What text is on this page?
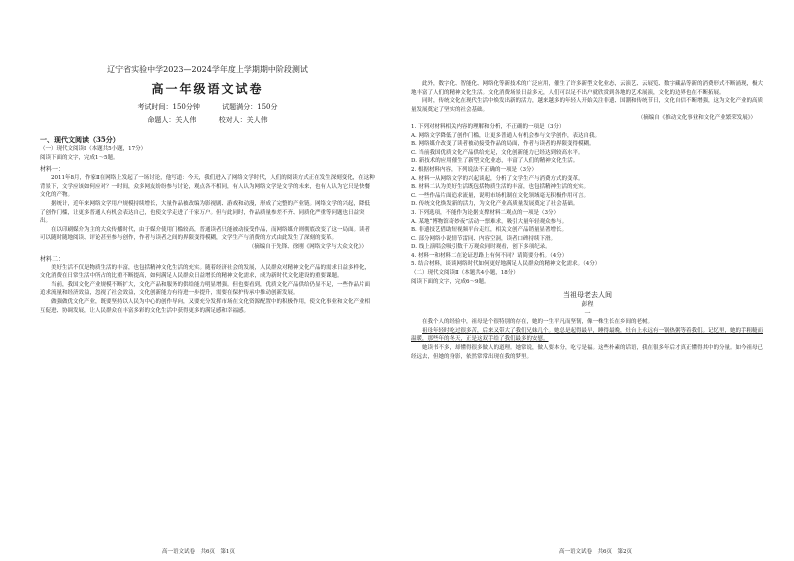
辽宁省实验中学2023—2024学年度上学期期中阶段测试
高一年级语文试卷
考试时间：150分钟	试题满分：150分
命题人：关人伟	校对人：关人伟
一、现代文阅读（35分）
（一）现代文阅读Ⅰ（本题共5小题，17分）
阅读下面的文字，完成1～5题。
材料一：

2011年8月，作家Ⅱ在网络上发起了一场讨论，他写道：今天，我们进入了网络文学时代，人们的阅读方式正在发生深刻变化，在这种背景下，文学应该如何应对？一时间，众多网友纷纷参与讨论，观点各不相同，有人认为网络文学是文学的未来，也有人认为它只是快餐文化的产物。

据统计，近年来网络文学用户规模持续增长，大量作品被改编为影视剧、游戏和动漫，形成了完整的产业链。网络文学的兴起，降低了创作门槛，让更多普通人有机会表达自己，也使文学走进了千家万户。但与此同时，作品质量参差不齐、同质化严重等问题也日益突出。

在以印刷媒介为主的大众传播时代，由于媒介使用门槛较高，普通读者只能被动接受作品，而网络媒介则彻底改变了这一局面。读者可以随时随地阅读、评论甚至参与创作，作者与读者之间的界限变得模糊，文学生产与消费的方式由此发生了深刻的变革。

（摘编自于先锋、徐刚《网络文学与大众文化》）
材料二：

美好生活不仅是物质生活的丰富，也包括精神文化生活的充实。随着经济社会的发展，人民群众对精神文化产品的需求日益多样化，文化消费在日常生活中所占的比重不断提高，如何满足人民群众日益增长的精神文化需求，成为新时代文化建设的重要课题。

当前，我国文化产业规模不断扩大，文化产品和服务的供给能力明显增强。但也要看到，优质文化产品供给仍显不足，一些作品片面追求流量和经济效益，忽视了社会效益，文化创新能力有待进一步提升，需要在保护传承中推动创新发展。

做强做优文化产业，既要坚持以人民为中心的创作导向，又要充分发挥市场在文化资源配置中的积极作用，使文化事业和文化产业相互促进、协调发展，让人民群众在丰富多彩的文化生活中获得更多的满足感和幸福感。

高一语文试卷　共6页　第1页

此外，数字化、智能化、网络化等新技术的广泛应用，催生了许多新型文化业态，云演艺、云展览、数字藏品等新的消费形式不断涌现，极大地丰富了人们的精神文化生活。文化消费场景日益多元，人们可以足不出户就欣赏到各地的艺术展演，文化的边界也在不断拓展。

同时，传统文化在现代生活中焕发出新的活力，越来越多的年轻人开始关注非遗、国潮和传统节日，文化自信不断增强，这为文化产业的高质量发展奠定了坚实的社会基础。

（摘编自《推动文化事业和文化产业繁荣发展》）
1. 下列对材料相关内容的理解和分析，不正确的一项是（3分）
A. 网络文学降低了创作门槛，让更多普通人有机会参与文学创作，表达自我。
B. 网络媒介改变了读者被动接受作品的局面，作者与读者的界限变得模糊。
C. 当前我国优质文化产品供给充足，文化创新能力已经达到较高水平。
D. 新技术的应用催生了新型文化业态，丰富了人们的精神文化生活。
2. 根据材料内容，下列说法不正确的一项是（3分）
A. 材料一从网络文学的兴起谈起，分析了文学生产与消费方式的变革。
B. 材料二认为美好生活既包括物质生活的丰富，也包括精神生活的充实。
C. 一些作品片面追求流量，说明市场机制在文化领域毫无积极作用可言。
D. 传统文化焕发新的活力，为文化产业高质量发展奠定了社会基础。
3. 下列选项，不能作为论据支撑材料二观点的一项是（3分）
A. 某地“博物馆奇妙夜”活动一票难求，吸引大量年轻观众参与。
B. 非遗技艺借助短视频平台走红，相关文创产品销量显著增长。
C. 部分网络小说情节雷同、内容空洞，读者口碑持续下滑。
D. 线上演唱会吸引数千万观众同时观看，创下多项纪录。
4. 材料一和材料二在论证思路上有何不同？请简要分析。（4分）
5. 结合材料，谈谈网络时代如何更好地满足人民群众的精神文化需求。（4分）
（二）现代文阅读Ⅱ（本题共4小题，18分）
阅读下面的文字，完成6～9题。
当祖母老去人间
彭程
一

在我个人的经验中，祖母是个很特别的存在，她的一生平凡而坚韧，像一株生长在乡间的老树。

祖母年轻时吃过很多苦，后来又带大了我们兄妹几个。她总是起得最早，睡得最晚，灶台上永远有一锅热粥等着我们。记忆里，她的手粗糙而温暖，那些年的冬天，正是这双手给了我们最多的安慰。

她读书不多，却懂得很多做人的道理。她常说，做人要本分，吃亏是福。这些朴素的话语，我在很多年后才真正懂得其中的分量。如今祖母已经远去，但她的身影，依然常常出现在我的梦里。

高一语文试卷　共6页　第2页
